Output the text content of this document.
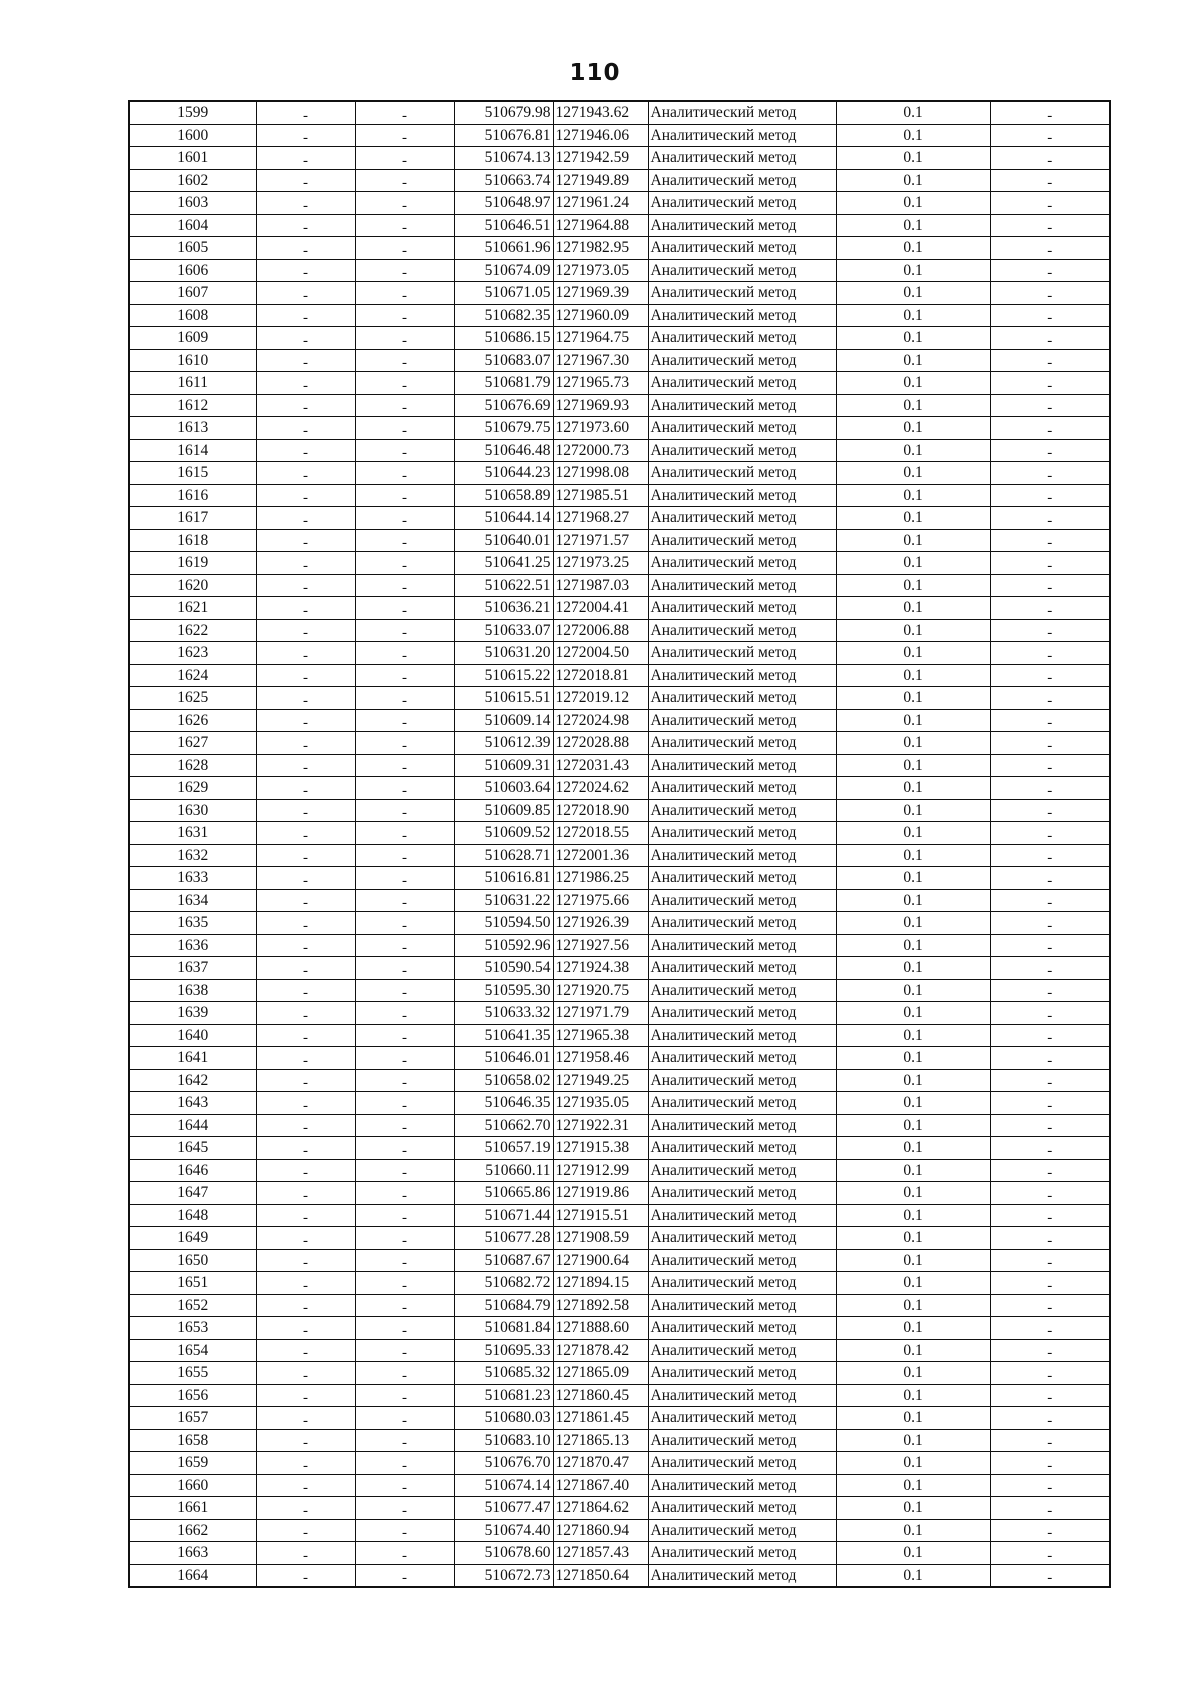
110
1599	-	-	510679.98	1271943.62	Аналитический метод	0.1	-
1600	-	-	510676.81	1271946.06	Аналитический метод	0.1	-
1601	-	-	510674.13	1271942.59	Аналитический метод	0.1	-
1602	-	-	510663.74	1271949.89	Аналитический метод	0.1	-
1603	-	-	510648.97	1271961.24	Аналитический метод	0.1	-
1604	-	-	510646.51	1271964.88	Аналитический метод	0.1	-
1605	-	-	510661.96	1271982.95	Аналитический метод	0.1	-
1606	-	-	510674.09	1271973.05	Аналитический метод	0.1	-
1607	-	-	510671.05	1271969.39	Аналитический метод	0.1	-
1608	-	-	510682.35	1271960.09	Аналитический метод	0.1	-
1609	-	-	510686.15	1271964.75	Аналитический метод	0.1	-
1610	-	-	510683.07	1271967.30	Аналитический метод	0.1	-
1611	-	-	510681.79	1271965.73	Аналитический метод	0.1	-
1612	-	-	510676.69	1271969.93	Аналитический метод	0.1	-
1613	-	-	510679.75	1271973.60	Аналитический метод	0.1	-
1614	-	-	510646.48	1272000.73	Аналитический метод	0.1	-
1615	-	-	510644.23	1271998.08	Аналитический метод	0.1	-
1616	-	-	510658.89	1271985.51	Аналитический метод	0.1	-
1617	-	-	510644.14	1271968.27	Аналитический метод	0.1	-
1618	-	-	510640.01	1271971.57	Аналитический метод	0.1	-
1619	-	-	510641.25	1271973.25	Аналитический метод	0.1	-
1620	-	-	510622.51	1271987.03	Аналитический метод	0.1	-
1621	-	-	510636.21	1272004.41	Аналитический метод	0.1	-
1622	-	-	510633.07	1272006.88	Аналитический метод	0.1	-
1623	-	-	510631.20	1272004.50	Аналитический метод	0.1	-
1624	-	-	510615.22	1272018.81	Аналитический метод	0.1	-
1625	-	-	510615.51	1272019.12	Аналитический метод	0.1	-
1626	-	-	510609.14	1272024.98	Аналитический метод	0.1	-
1627	-	-	510612.39	1272028.88	Аналитический метод	0.1	-
1628	-	-	510609.31	1272031.43	Аналитический метод	0.1	-
1629	-	-	510603.64	1272024.62	Аналитический метод	0.1	-
1630	-	-	510609.85	1272018.90	Аналитический метод	0.1	-
1631	-	-	510609.52	1272018.55	Аналитический метод	0.1	-
1632	-	-	510628.71	1272001.36	Аналитический метод	0.1	-
1633	-	-	510616.81	1271986.25	Аналитический метод	0.1	-
1634	-	-	510631.22	1271975.66	Аналитический метод	0.1	-
1635	-	-	510594.50	1271926.39	Аналитический метод	0.1	-
1636	-	-	510592.96	1271927.56	Аналитический метод	0.1	-
1637	-	-	510590.54	1271924.38	Аналитический метод	0.1	-
1638	-	-	510595.30	1271920.75	Аналитический метод	0.1	-
1639	-	-	510633.32	1271971.79	Аналитический метод	0.1	-
1640	-	-	510641.35	1271965.38	Аналитический метод	0.1	-
1641	-	-	510646.01	1271958.46	Аналитический метод	0.1	-
1642	-	-	510658.02	1271949.25	Аналитический метод	0.1	-
1643	-	-	510646.35	1271935.05	Аналитический метод	0.1	-
1644	-	-	510662.70	1271922.31	Аналитический метод	0.1	-
1645	-	-	510657.19	1271915.38	Аналитический метод	0.1	-
1646	-	-	510660.11	1271912.99	Аналитический метод	0.1	-
1647	-	-	510665.86	1271919.86	Аналитический метод	0.1	-
1648	-	-	510671.44	1271915.51	Аналитический метод	0.1	-
1649	-	-	510677.28	1271908.59	Аналитический метод	0.1	-
1650	-	-	510687.67	1271900.64	Аналитический метод	0.1	-
1651	-	-	510682.72	1271894.15	Аналитический метод	0.1	-
1652	-	-	510684.79	1271892.58	Аналитический метод	0.1	-
1653	-	-	510681.84	1271888.60	Аналитический метод	0.1	-
1654	-	-	510695.33	1271878.42	Аналитический метод	0.1	-
1655	-	-	510685.32	1271865.09	Аналитический метод	0.1	-
1656	-	-	510681.23	1271860.45	Аналитический метод	0.1	-
1657	-	-	510680.03	1271861.45	Аналитический метод	0.1	-
1658	-	-	510683.10	1271865.13	Аналитический метод	0.1	-
1659	-	-	510676.70	1271870.47	Аналитический метод	0.1	-
1660	-	-	510674.14	1271867.40	Аналитический метод	0.1	-
1661	-	-	510677.47	1271864.62	Аналитический метод	0.1	-
1662	-	-	510674.40	1271860.94	Аналитический метод	0.1	-
1663	-	-	510678.60	1271857.43	Аналитический метод	0.1	-
1664	-	-	510672.73	1271850.64	Аналитический метод	0.1	-
